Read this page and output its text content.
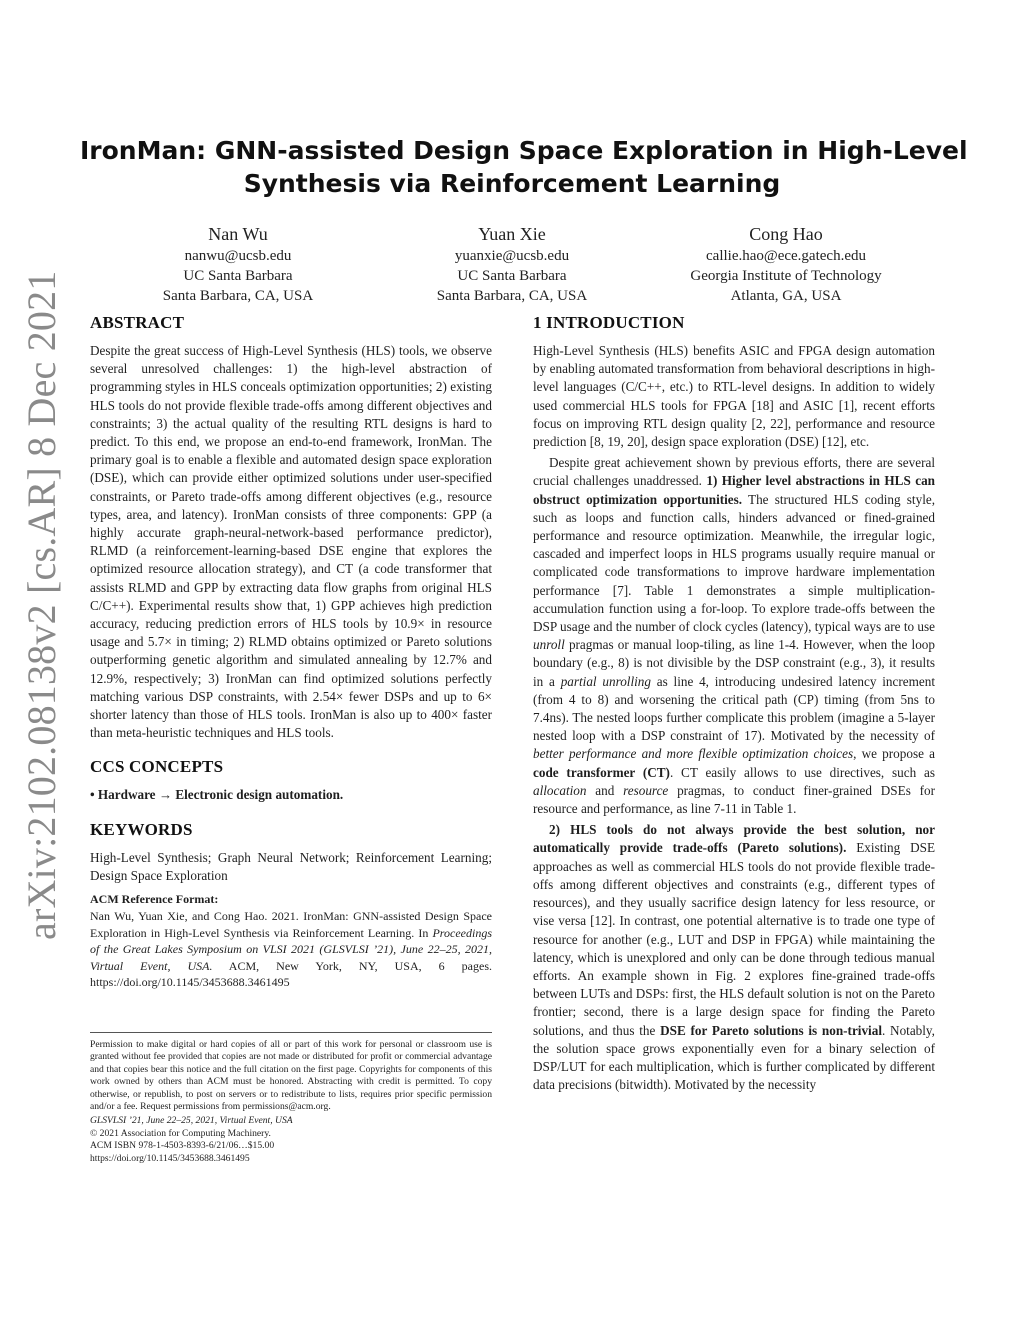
arXiv:2102.08138v2 [cs.AR] 8 Dec 2021
IronMan: GNN-assisted Design Space Exploration in High-Level
Synthesis via Reinforcement Learning
Nan Wu
nanwu@ucsb.edu
UC Santa Barbara
Santa Barbara, CA, USA
Yuan Xie
yuanxie@ucsb.edu
UC Santa Barbara
Santa Barbara, CA, USA
Cong Hao
callie.hao@ece.gatech.edu
Georgia Institute of Technology
Atlanta, GA, USA
ABSTRACT

Despite the great success of High-Level Synthesis (HLS) tools, we observe several unresolved challenges: 1) the high-level abstraction of programming styles in HLS conceals optimization opportunities; 2) existing HLS tools do not provide flexible trade-offs among different objectives and constraints; 3) the actual quality of the resulting RTL designs is hard to predict. To this end, we propose an end-to-end framework, IronMan. The primary goal is to enable a flexible and automated design space exploration (DSE), which can provide either optimized solutions under user-specified constraints, or Pareto trade-offs among different objectives (e.g., resource types, area, and latency). IronMan consists of three components: GPP (a highly accurate graph-neural-network-based performance predictor), RLMD (a reinforcement-learning-based DSE engine that explores the optimized resource allocation strategy), and CT (a code transformer that assists RLMD and GPP by extracting data flow graphs from original HLS C/C++). Experimental results show that, 1) GPP achieves high prediction accuracy, reducing prediction errors of HLS tools by 10.9× in resource usage and 5.7× in timing; 2) RLMD obtains optimized or Pareto solutions outperforming genetic algorithm and simulated annealing by 12.7% and 12.9%, respectively; 3) IronMan can find optimized solutions perfectly matching various DSP constraints, with 2.54× fewer DSPs and up to 6× shorter latency than those of HLS tools. IronMan is also up to 400× faster than meta-heuristic techniques and HLS tools.

CCS CONCEPTS

• Hardware → Electronic design automation.

KEYWORDS

High-Level Synthesis; Graph Neural Network; Reinforcement Learning; Design Space Exploration

ACM Reference Format:

Nan Wu, Yuan Xie, and Cong Hao. 2021. IronMan: GNN-assisted Design Space Exploration in High-Level Synthesis via Reinforcement Learning. In Proceedings of the Great Lakes Symposium on VLSI 2021 (GLSVLSI ’21), June 22–25, 2021, Virtual Event, USA. ACM, New York, NY, USA, 6 pages. https://doi.org/10.1145/3453688.3461495

Permission to make digital or hard copies of all or part of this work for personal or classroom use is granted without fee provided that copies are not made or distributed for profit or commercial advantage and that copies bear this notice and the full citation on the first page. Copyrights for components of this work owned by others than ACM must be honored. Abstracting with credit is permitted. To copy otherwise, or republish, to post on servers or to redistribute to lists, requires prior specific permission and/or a fee. Request permissions from permissions@acm.org.

GLSVLSI ’21, June 22–25, 2021, Virtual Event, USA

© 2021 Association for Computing Machinery.

ACM ISBN 978-1-4503-8393-6/21/06…$15.00

https://doi.org/10.1145/3453688.3461495

1 INTRODUCTION

High-Level Synthesis (HLS) benefits ASIC and FPGA design automation by enabling automated transformation from behavioral descriptions in high-level languages (C/C++, etc.) to RTL-level designs. In addition to widely used commercial HLS tools for FPGA [18] and ASIC [1], recent efforts focus on improving RTL design quality [2, 22], performance and resource prediction [8, 19, 20], design space exploration (DSE) [12], etc.

Despite great achievement shown by previous efforts, there are several crucial challenges unaddressed. 1) Higher level abstractions in HLS can obstruct optimization opportunities. The structured HLS coding style, such as loops and function calls, hinders advanced or fined-grained performance and resource optimization. Meanwhile, the irregular logic, cascaded and imperfect loops in HLS programs usually require manual or complicated code transformations to improve hardware implementation performance [7]. Table 1 demonstrates a simple multiplication-accumulation function using a for-loop. To explore trade-offs between the DSP usage and the number of clock cycles (latency), typical ways are to use unroll pragmas or manual loop-tiling, as line 1-4. However, when the loop boundary (e.g., 8) is not divisible by the DSP constraint (e.g., 3), it results in a partial unrolling as line 4, introducing undesired latency increment (from 4 to 8) and worsening the critical path (CP) timing (from 5ns to 7.4ns). The nested loops further complicate this problem (imagine a 5-layer nested loop with a DSP constraint of 17). Motivated by the necessity of better performance and more flexible optimization choices, we propose a code transformer (CT). CT easily allows to use directives, such as allocation and resource pragmas, to conduct finer-grained DSEs for resource and performance, as line 7-11 in Table 1.

2) HLS tools do not always provide the best solution, nor automatically provide trade-offs (Pareto solutions). Existing DSE approaches as well as commercial HLS tools do not provide flexible trade-offs among different objectives and constraints (e.g., different types of resources), and they usually sacrifice design latency for less resource, or vise versa [12]. In contrast, one potential alternative is to trade one type of resource for another (e.g., LUT and DSP in FPGA) while maintaining the latency, which is unexplored and only can be done through tedious manual efforts. An example shown in Fig. 2 explores fine-grained trade-offs between LUTs and DSPs: first, the HLS default solution is not on the Pareto frontier; second, there is a large design space for finding the Pareto solutions, and thus the DSE for Pareto solutions is non-trivial. Notably, the solution space grows exponentially even for a binary selection of DSP/LUT for each multiplication, which is further complicated by different data precisions (bitwidth). Motivated by the necessity
